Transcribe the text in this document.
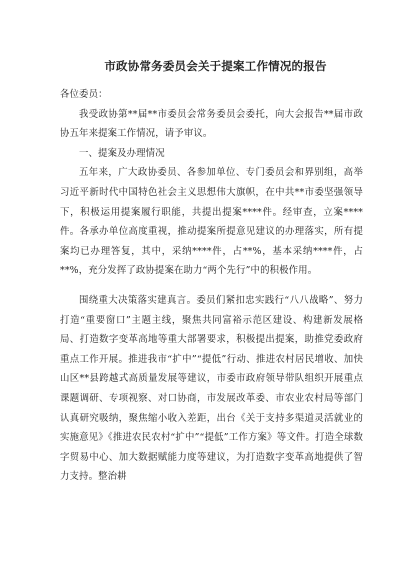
市政协常务委员会关于提案工作情况的报告

各位委员：

我受政协第**届**市委员会常务委员会委托，向大会报告**届市政协五年来提案工作情况，请予审议。

一、提案及办理情况

五年来，广大政协委员、各参加单位、专门委员会和界别组，高举习近平新时代中国特色社会主义思想伟大旗帜，在中共**市委坚强领导下，积极运用提案履行职能，共提出提案****件。经审查，立案****件。各承办单位高度重视，推动提案所提意见建议的办理落实，所有提案均已办理答复，其中，采纳****件，占**%，基本采纳****件，占**%，充分发挥了政协提案在助力“两个先行”中的积极作用。

围绕重大决策落实建真言。委员们紧扣忠实践行“八八战略”、努力打造“重要窗口”主题主线，聚焦共同富裕示范区建设、构建新发展格局、打造数字变革高地等重大部署要求，积极提出提案，助推党委政府重点工作开展。推进我市“扩中”“提低”行动、推进农村居民增收、加快山区**县跨越式高质量发展等建议，市委市政府领导带队组织开展重点课题调研、专项视察、对口协商，市发展改革委、市农业农村局等部门认真研究吸纳，聚焦缩小收入差距，出台《关于支持多渠道灵活就业的实施意见》《推进农民农村“扩中”“提低”工作方案》等文件。打造全球数字贸易中心、加大数据赋能力度等建议，为打造数字变革高地提供了智力支持。整治耕
